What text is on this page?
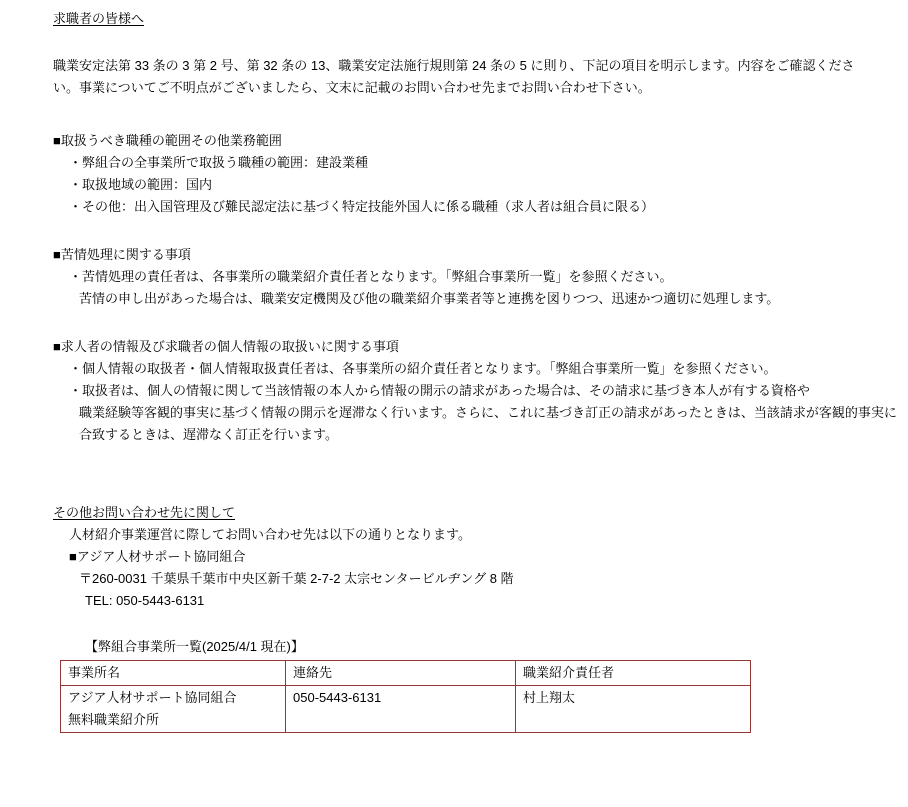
求職者の皆様へ

職業安定法第 33 条の 3 第 2 号、第 32 条の 13、職業安定法施行規則第 24 条の 5 に則り、下記の項目を明示します。内容をご確認ください。事業についてご不明点がございましたら、文末に記載のお問い合わせ先までお問い合わせ下さい。

■取扱うべき職種の範囲その他業務範囲
・弊組合の全事業所で取扱う職種の範囲：建設業種
・取扱地域の範囲：国内
・その他：出入国管理及び難民認定法に基づく特定技能外国人に係る職種（求人者は組合員に限る）
■苦情処理に関する事項
・苦情処理の責任者は、各事業所の職業紹介責任者となります。「弊組合事業所一覧」を参照ください。
苦情の申し出があった場合は、職業安定機関及び他の職業紹介事業者等と連携を図りつつ、迅速かつ適切に処理します。
■求人者の情報及び求職者の個人情報の取扱いに関する事項
・個人情報の取扱者・個人情報取扱責任者は、各事業所の紹介責任者となります。「弊組合事業所一覧」を参照ください。
・取扱者は、個人の情報に関して当該情報の本人から情報の開示の請求があった場合は、その請求に基づき本人が有する資格や
職業経験等客観的事実に基づく情報の開示を遅滞なく行います。さらに、これに基づき訂正の請求があったときは、当該請求が客観的事実に
合致するときは、遅滞なく訂正を行います。
その他お問い合わせ先に関して
人材紹介事業運営に際してお問い合わせ先は以下の通りとなります。
■アジア人材サポート協同組合
〒260-0031 千葉県千葉市中央区新千葉 2-7-2 太宗センタービルヂング 8 階
TEL: 050-5443-6131
【弊組合事業所一覧(2025/4/1 現在)】
事業所名	連絡先	職業紹介責任者

アジア人材サポート協同組合
無料職業紹介所	050-5443-6131	村上翔太
